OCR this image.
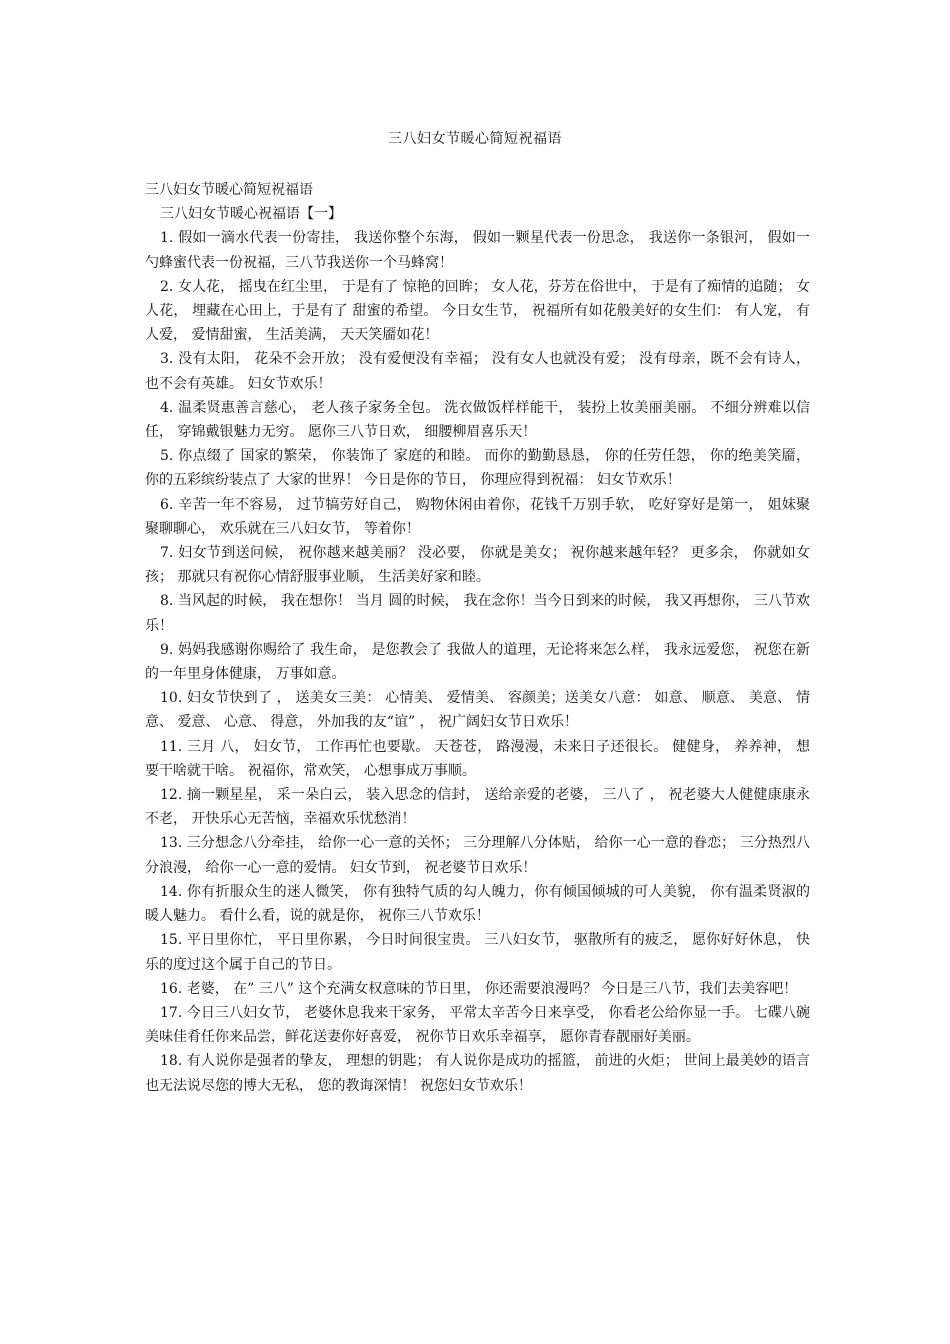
三八妇女节暖心简短祝福语

三八妇女节暖心简短祝福语

三八妇女节暖心祝福语【一】

1. 假如一滴水代表一份寄挂， 我送你整个东海， 假如一颗星代表一份思念， 我送你一条银河， 假如一勺蜂蜜代表一份祝福，三八节我送你一个马蜂窝！

2. 女人花， 摇曳在红尘里， 于是有了 惊艳的回眸； 女人花，芬芳在俗世中， 于是有了痴情的追随； 女人花， 埋藏在心田上，于是有了 甜蜜的希望。 今日女生节， 祝福所有如花般美好的女生们： 有人宠， 有人爱， 爱情甜蜜， 生活美满， 天天笑靥如花！

3. 没有太阳， 花朵不会开放； 没有爱便没有幸福； 没有女人也就没有爱； 没有母亲，既不会有诗人， 也不会有英雄。 妇女节欢乐！

4. 温柔贤惠善言慈心， 老人孩子家务全包。 洗衣做饭样样能干， 装扮上妆美丽美丽。 不细分辨难以信任， 穿锦戴银魅力无穷。 愿你三八节日欢， 细腰柳眉喜乐天！

5. 你点缀了 国家的繁荣， 你装饰了 家庭的和睦。 而你的勤勤恳恳， 你的任劳任怨， 你的绝美笑靥， 你的五彩缤纷装点了 大家的世界！ 今日是你的节日， 你理应得到祝福： 妇女节欢乐！

6. 辛苦一年不容易， 过节犒劳好自己， 购物休闲由着你，花钱千万别手软， 吃好穿好是第一， 姐妹聚聚聊聊心， 欢乐就在三八妇女节， 等着你！

7. 妇女节到送问候， 祝你越来越美丽？ 没必要， 你就是美女； 祝你越来越年轻？ 更多余， 你就如女孩； 那就只有祝你心情舒服事业顺， 生活美好家和睦。

8. 当风起的时候， 我在想你！ 当月 圆的时候， 我在念你！当今日到来的时候， 我又再想你， 三八节欢乐！

9. 妈妈我感谢你赐给了 我生命， 是您教会了 我做人的道理，无论将来怎么样， 我永远爱您， 祝您在新的一年里身体健康， 万事如意。

10. 妇女节快到了 ， 送美女三美： 心情美、 爱情美、 容颜美；送美女八意： 如意、 顺意、 美意、 情意、 爱意、 心意、 得意， 外加我的友“谊” ， 祝广阔妇女节日欢乐！

11. 三月 八， 妇女节， 工作再忙也要歇。 天苍苍， 路漫漫，未来日子还很长。 健健身， 养养神， 想要干啥就干啥。 祝福你，常欢笑， 心想事成万事顺。

12. 摘一颗星星， 采一朵白云， 装入思念的信封， 送给亲爱的老婆， 三八了 ， 祝老婆大人健健康康永不老， 开快乐心无苦恼，幸福欢乐忧愁消！

13. 三分想念八分牵挂， 给你一心一意的关怀； 三分理解八分体贴， 给你一心一意的眷恋； 三分热烈八分浪漫， 给你一心一意的爱情。 妇女节到， 祝老婆节日欢乐！

14. 你有折服众生的迷人微笑， 你有独特气质的勾人魄力，你有倾国倾城的可人美貌， 你有温柔贤淑的暖人魅力。 看什么看，说的就是你， 祝你三八节欢乐！

15. 平日里你忙， 平日里你累， 今日时间很宝贵。 三八妇女节， 驱散所有的疲乏， 愿你好好休息， 快乐的度过这个属于自己的节日。

16. 老婆， 在” 三八” 这个充满女权意味的节日里， 你还需要浪漫吗？ 今日是三八节，我们去美容吧！

17. 今日三八妇女节， 老婆休息我来干家务， 平常太辛苦今日来享受， 你看老公给你显一手。 七碟八碗美味佳肴任你来品尝，鲜花送妻你好喜爱， 祝你节日欢乐幸福享， 愿你青春靓丽好美丽。

18. 有人说你是强者的挚友， 理想的钥匙； 有人说你是成功的摇篮， 前进的火炬； 世间上最美妙的语言也无法说尽您的博大无私， 您的教诲深情！ 祝您妇女节欢乐！
